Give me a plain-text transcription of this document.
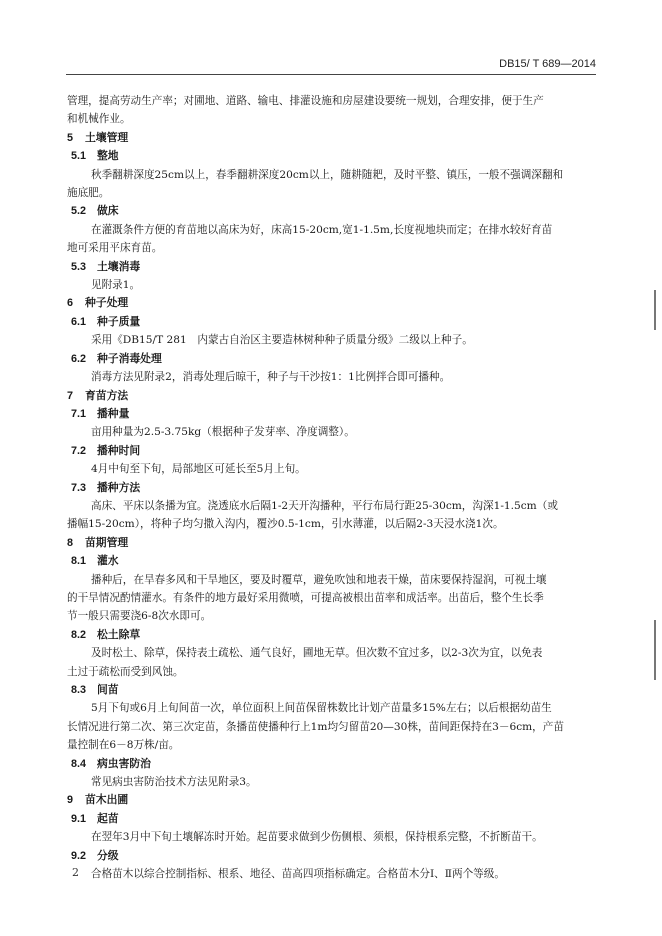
DB15/ T 689—2014
管理，提高劳动生产率；对圃地、道路、输电、排灌设施和房屋建设要统一规划，合理安排，便于生产
和机械作业。
5 土壤管理
5.1 整地
秋季翻耕深度25cm以上，春季翻耕深度20cm以上，随耕随耙，及时平整、镇压，一般不强调深翻和
施底肥。
5.2 做床
在灌溉条件方便的育苗地以高床为好，床高15-20cm,宽1-1.5m,长度视地块而定；在排水较好育苗
地可采用平床育苗。
5.3 土壤消毒
见附录1。
6 种子处理
6.1 种子质量
采用《DB15/T 281　内蒙古自治区主要造林树种种子质量分级》二级以上种子。
6.2 种子消毒处理
消毒方法见附录2，消毒处理后晾干，种子与干沙按1：1比例拌合即可播种。
7 育苗方法
7.1 播种量
亩用种量为2.5-3.75kg（根据种子发芽率、净度调整）。
7.2 播种时间
4月中旬至下旬，局部地区可延长至5月上旬。
7.3 播种方法
高床、平床以条播为宜。浇透底水后隔1-2天开沟播种，平行布局行距25-30cm，沟深1-1.5cm（或
播幅15-20cm），将种子均匀撒入沟内，覆沙0.5-1cm，引水薄灌，以后隔2-3天浸水浇1次。
8 苗期管理
8.1 灌水
播种后，在旱春多风和干旱地区，要及时覆草，避免吹蚀和地表干燥，苗床要保持湿润，可视土壤
的干旱情况酌情灌水。有条件的地方最好采用微喷，可提高被根出苗率和成活率。出苗后，整个生长季
节一般只需要浇6-8次水即可。
8.2 松土除草
及时松土、除草，保持表土疏松、通气良好，圃地无草。但次数不宜过多，以2-3次为宜，以免表
土过于疏松而受到风蚀。
8.3 间苗
5月下旬或6月上旬间苗一次，单位面积上间苗保留株数比计划产苗量多15%左右；以后根据幼苗生
长情况进行第二次、第三次定苗，条播苗使播种行上1m均匀留苗20—30株，苗间距保持在3－6cm，产苗
量控制在6－8万株/亩。
8.4 病虫害防治
常见病虫害防治技术方法见附录3。
9 苗木出圃
9.1 起苗
在翌年3月中下旬土壤解冻时开始。起苗要求做到少伤侧根、须根，保持根系完整，不折断苗干。
9.2 分级
合格苗木以综合控制指标、根系、地径、苗高四项指标确定。合格苗木分Ⅰ、Ⅱ两个等级。
2
